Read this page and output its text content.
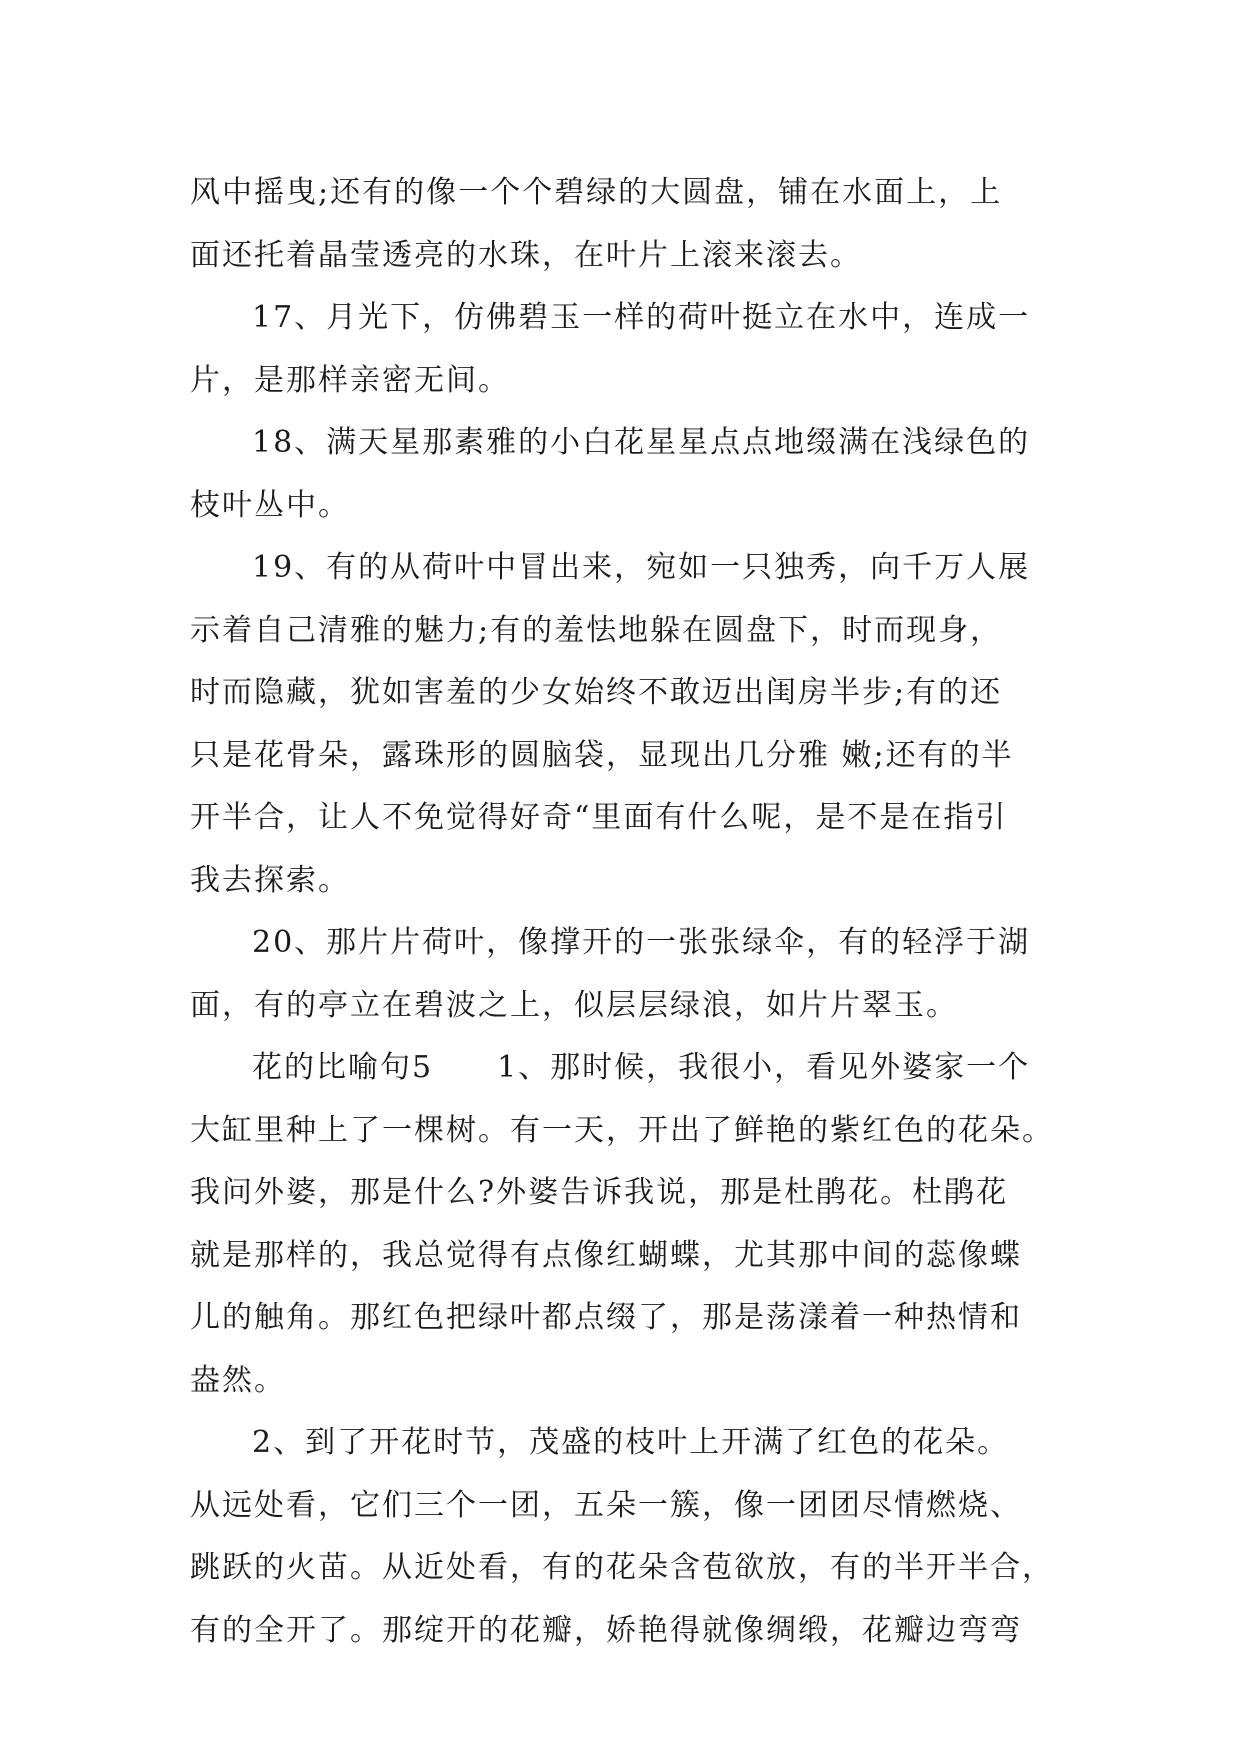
风中摇曳;还有的像一个个碧绿的大圆盘，铺在水面上，上
面还托着晶莹透亮的水珠，在叶片上滚来滚去。
17、月光下，仿佛碧玉一样的荷叶挺立在水中，连成一
片，是那样亲密无间。
18、满天星那素雅的小白花星星点点地缀满在浅绿色的
枝叶丛中。
19、有的从荷叶中冒出来，宛如一只独秀，向千万人展
示着自己清雅的魅力;有的羞怯地躲在圆盘下，时而现身，
时而隐藏，犹如害羞的少女始终不敢迈出闺房半步;有的还
只是花骨朵，露珠形的圆脑袋，显现出几分雅 嫩;还有的半
开半合，让人不免觉得好奇“里面有什么呢，是不是在指引
我去探索。
20、那片片荷叶，像撑开的一张张绿伞，有的轻浮于湖
面，有的亭立在碧波之上，似层层绿浪，如片片翠玉。
花的比喻句5　　1、那时候，我很小，看见外婆家一个
大缸里种上了一棵树。有一天，开出了鲜艳的紫红色的花朵。
我问外婆，那是什么?外婆告诉我说，那是杜鹃花。杜鹃花
就是那样的，我总觉得有点像红蝴蝶，尤其那中间的蕊像蝶
儿的触角。那红色把绿叶都点缀了，那是荡漾着一种热情和
盎然。
2、到了开花时节，茂盛的枝叶上开满了红色的花朵。
从远处看，它们三个一团，五朵一簇，像一团团尽情燃烧、
跳跃的火苗。从近处看，有的花朵含苞欲放，有的半开半合，
有的全开了。那绽开的花瓣，娇艳得就像绸缎，花瓣边弯弯
